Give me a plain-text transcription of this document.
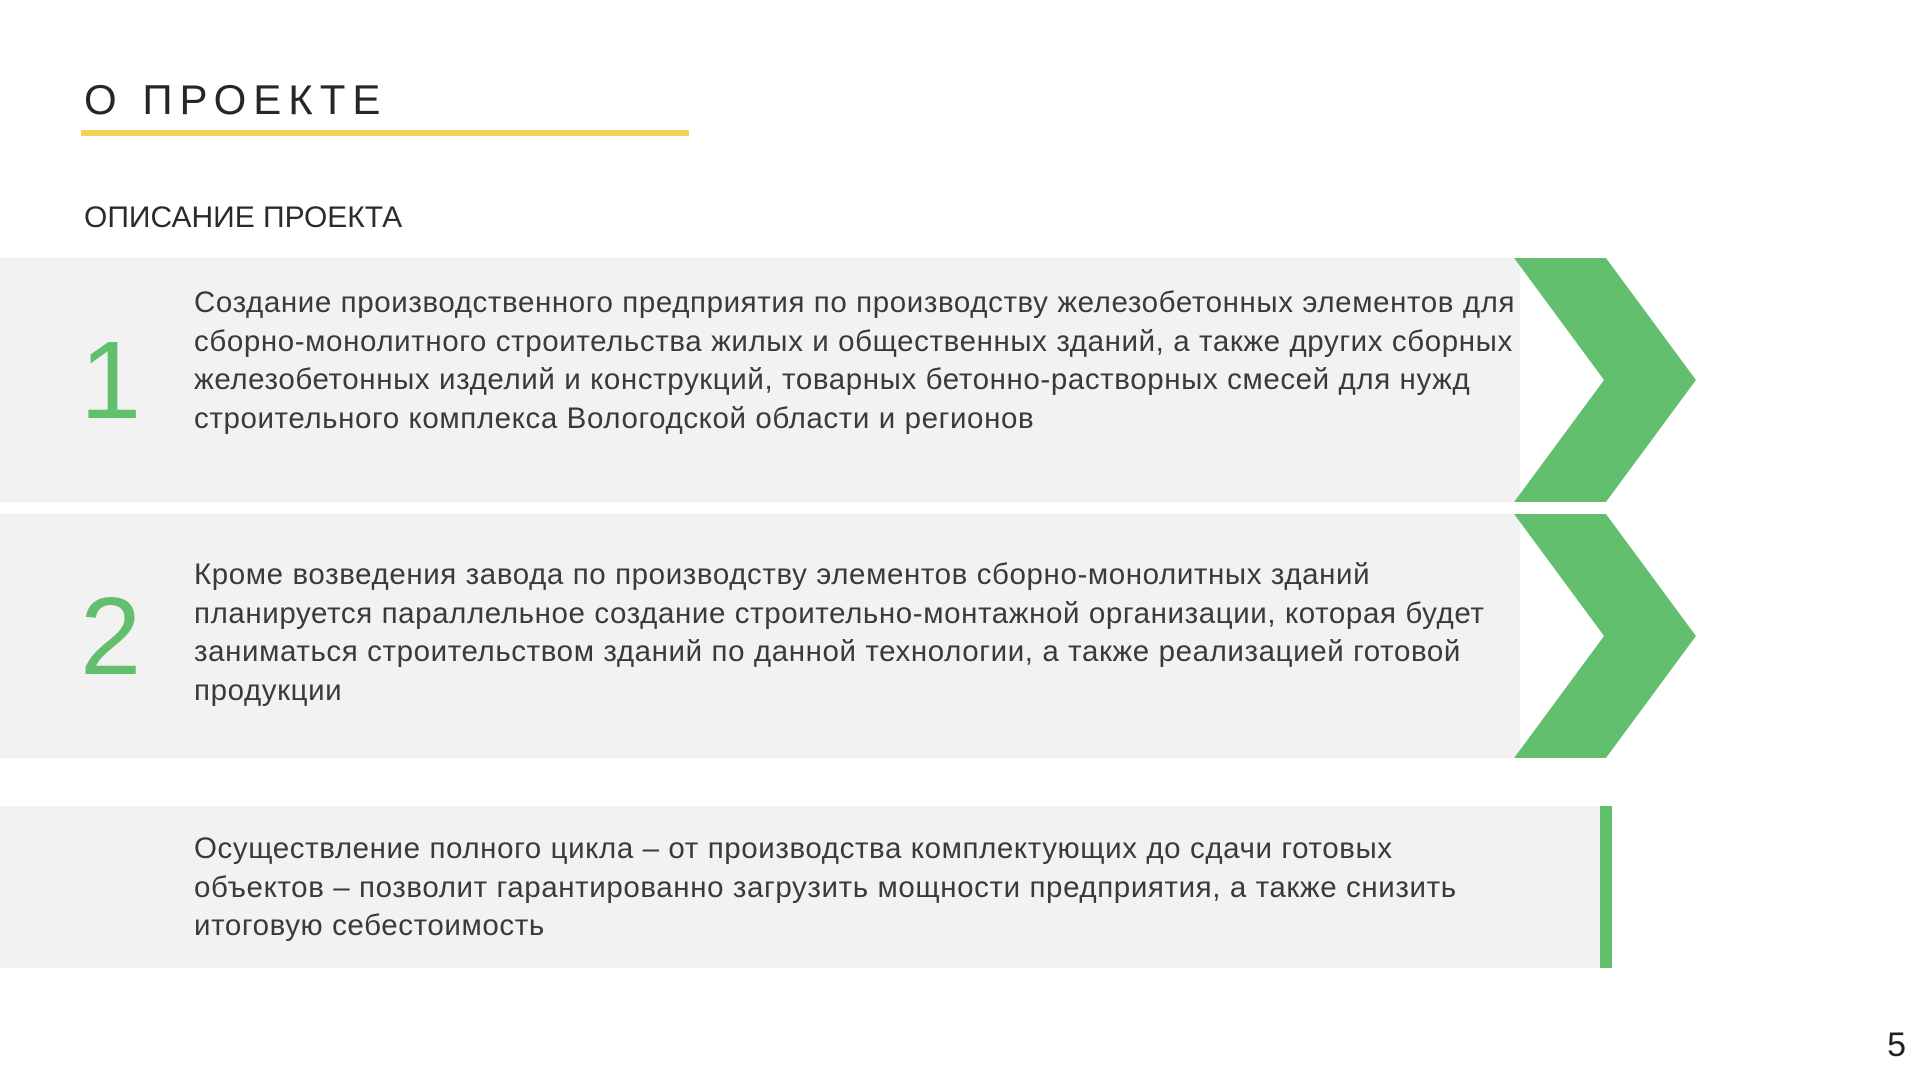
О ПРОЕКТЕ
ОПИСАНИЕ ПРОЕКТА
1

Создание производственного предприятия по производству железобетонных элементов для сборно-монолитного строительства жилых и общественных зданий, а также других сборных железобетонных изделий и конструкций, товарных бетонно-растворных смесей для нужд строительного комплекса Вологодской области и регионов

2

Кроме возведения завода по производству элементов сборно-монолитных зданий планируется параллельное создание строительно-монтажной организации, которая будет заниматься строительством зданий по данной технологии, а также реализацией готовой продукции

Осуществление полного цикла – от производства комплектующих до сдачи готовых объектов – позволит гарантированно загрузить мощности предприятия, а также снизить итоговую себестоимость

5
